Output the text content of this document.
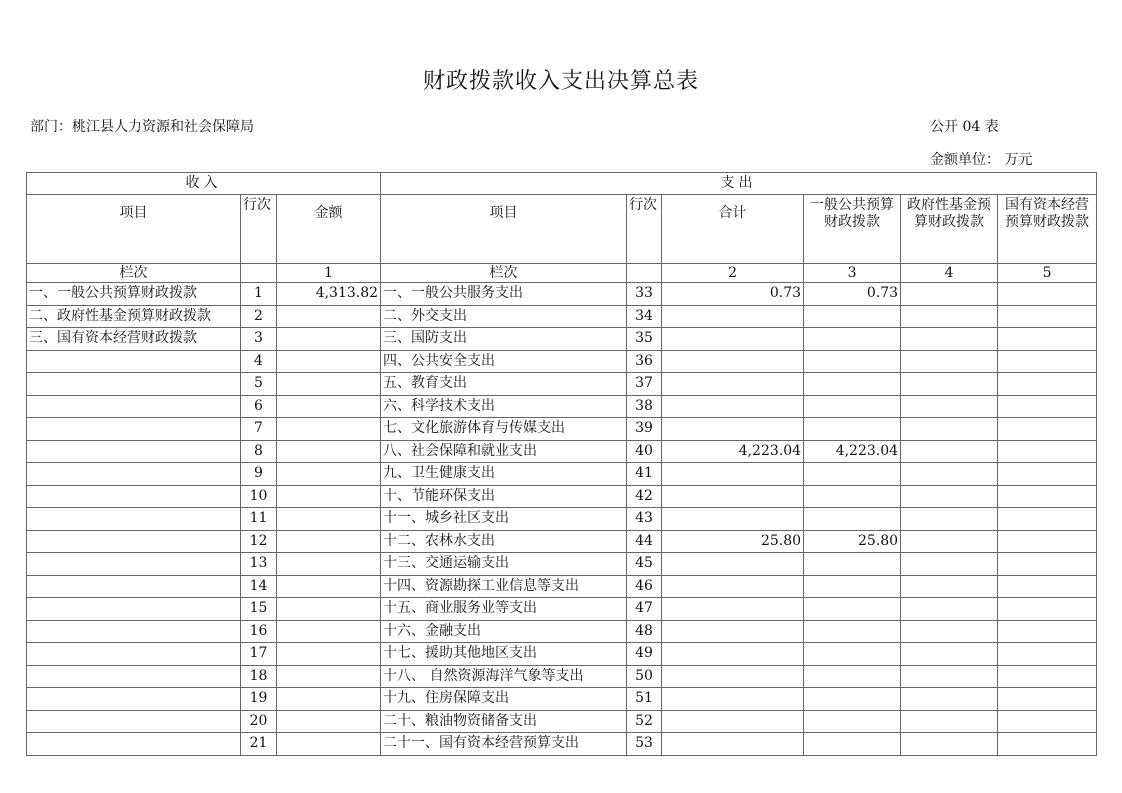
财政拨款收入支出决算总表
部门：桃江县人力资源和社会保障局	公开 04 表
金额单位： 万元
收入			支出					
项目	行次	金额	项目	行次	合计	一般公共预算 财政拨款	政府性基金预算财政拨款	国有资本经营 预算财政拨款
栏次		1	栏次		2	3	4	5
一、一般公共预算财政拨款	1	4,313.82	一、一般公共服务支出	33	0.73	0.73		
二、政府性基金预算财政拨款	2		二、外交支出	34				
三、国有资本经营财政拨款	3		三、国防支出	35				
	4		四、公共安全支出	36				
	5		五、教育支出	37				
	6		六、科学技术支出	38				
	7		七、文化旅游体育与传媒支出	39				
	8		八、社会保障和就业支出	40	4,223.04	4,223.04		
	9		九、卫生健康支出	41				
	10		十、节能环保支出	42				
	11		十一、城乡社区支出	43				
	12		十二、农林水支出	44	25.80	25.80		
	13		十三、交通运输支出	45				
	14		十四、资源勘探工业信息等支出	46				
	15		十五、商业服务业等支出	47				
	16		十六、金融支出	48				
	17		十七、援助其他地区支出	49				
	18		十八、 自然资源海洋气象等支出	50				
	19		十九、住房保障支出	51				
	20		二十、粮油物资储备支出	52				
	21		二十一、国有资本经营预算支出	53				
